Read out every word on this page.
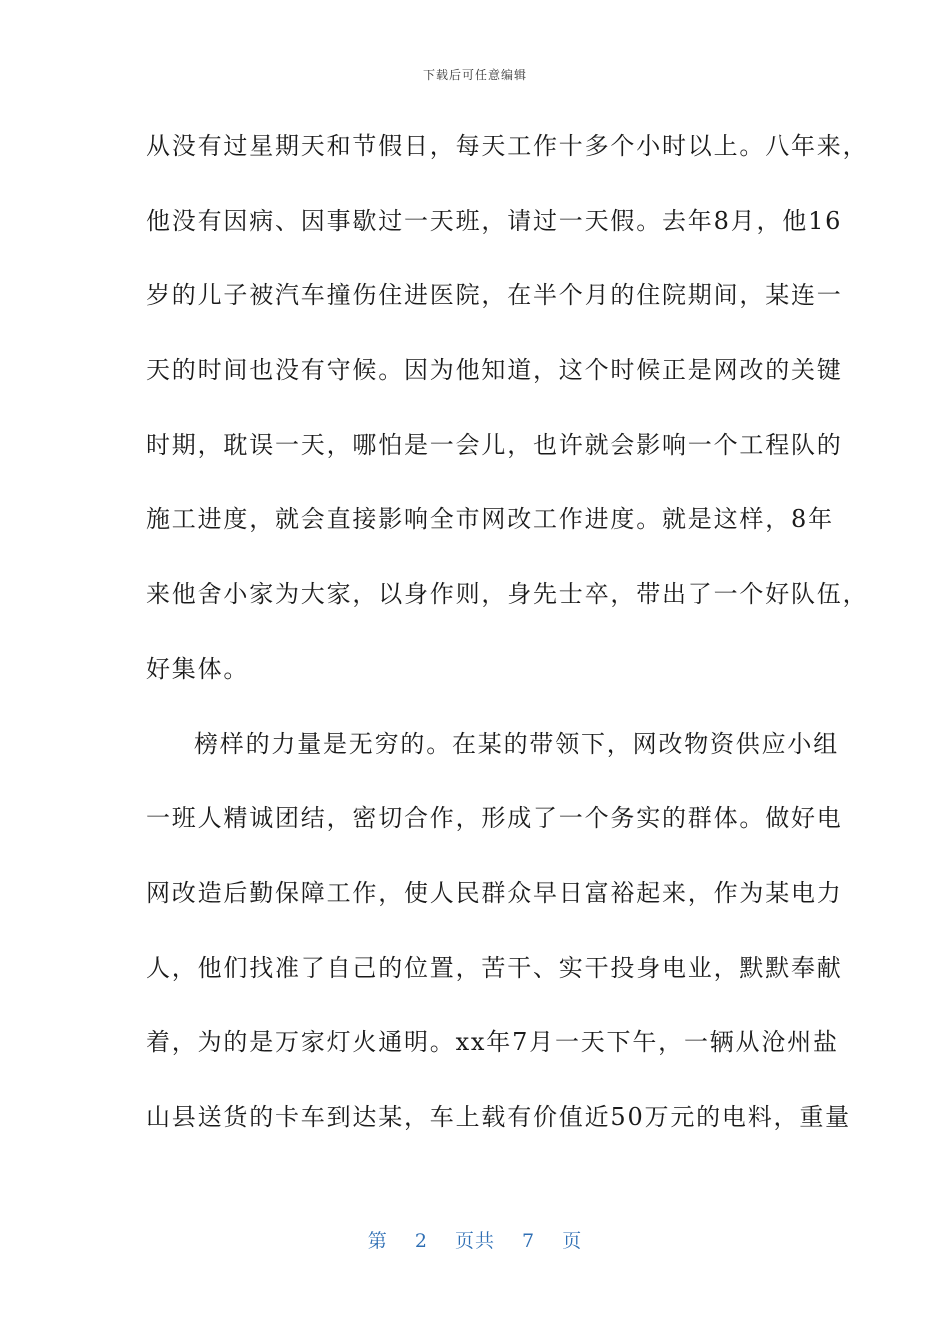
下载后可任意编辑
从没有过星期天和节假日，每天工作十多个小时以上。八年来，
他没有因病、因事歇过一天班，请过一天假。去年8月，他16
岁的儿子被汽车撞伤住进医院，在半个月的住院期间，某连一
天的时间也没有守候。因为他知道，这个时候正是网改的关键
时期，耽误一天，哪怕是一会儿，也许就会影响一个工程队的
施工进度，就会直接影响全市网改工作进度。就是这样，8年
来他舍小家为大家，以身作则，身先士卒，带出了一个好队伍，
好集体。
榜样的力量是无穷的。在某的带领下，网改物资供应小组
一班人精诚团结，密切合作，形成了一个务实的群体。做好电
网改造后勤保障工作，使人民群众早日富裕起来，作为某电力
人，他们找准了自己的位置，苦干、实干投身电业，默默奉献
着，为的是万家灯火通明。xx年7月一天下午，一辆从沧州盐
山县送货的卡车到达某，车上载有价值近50万元的电料，重量
第 2 页共 7 页
